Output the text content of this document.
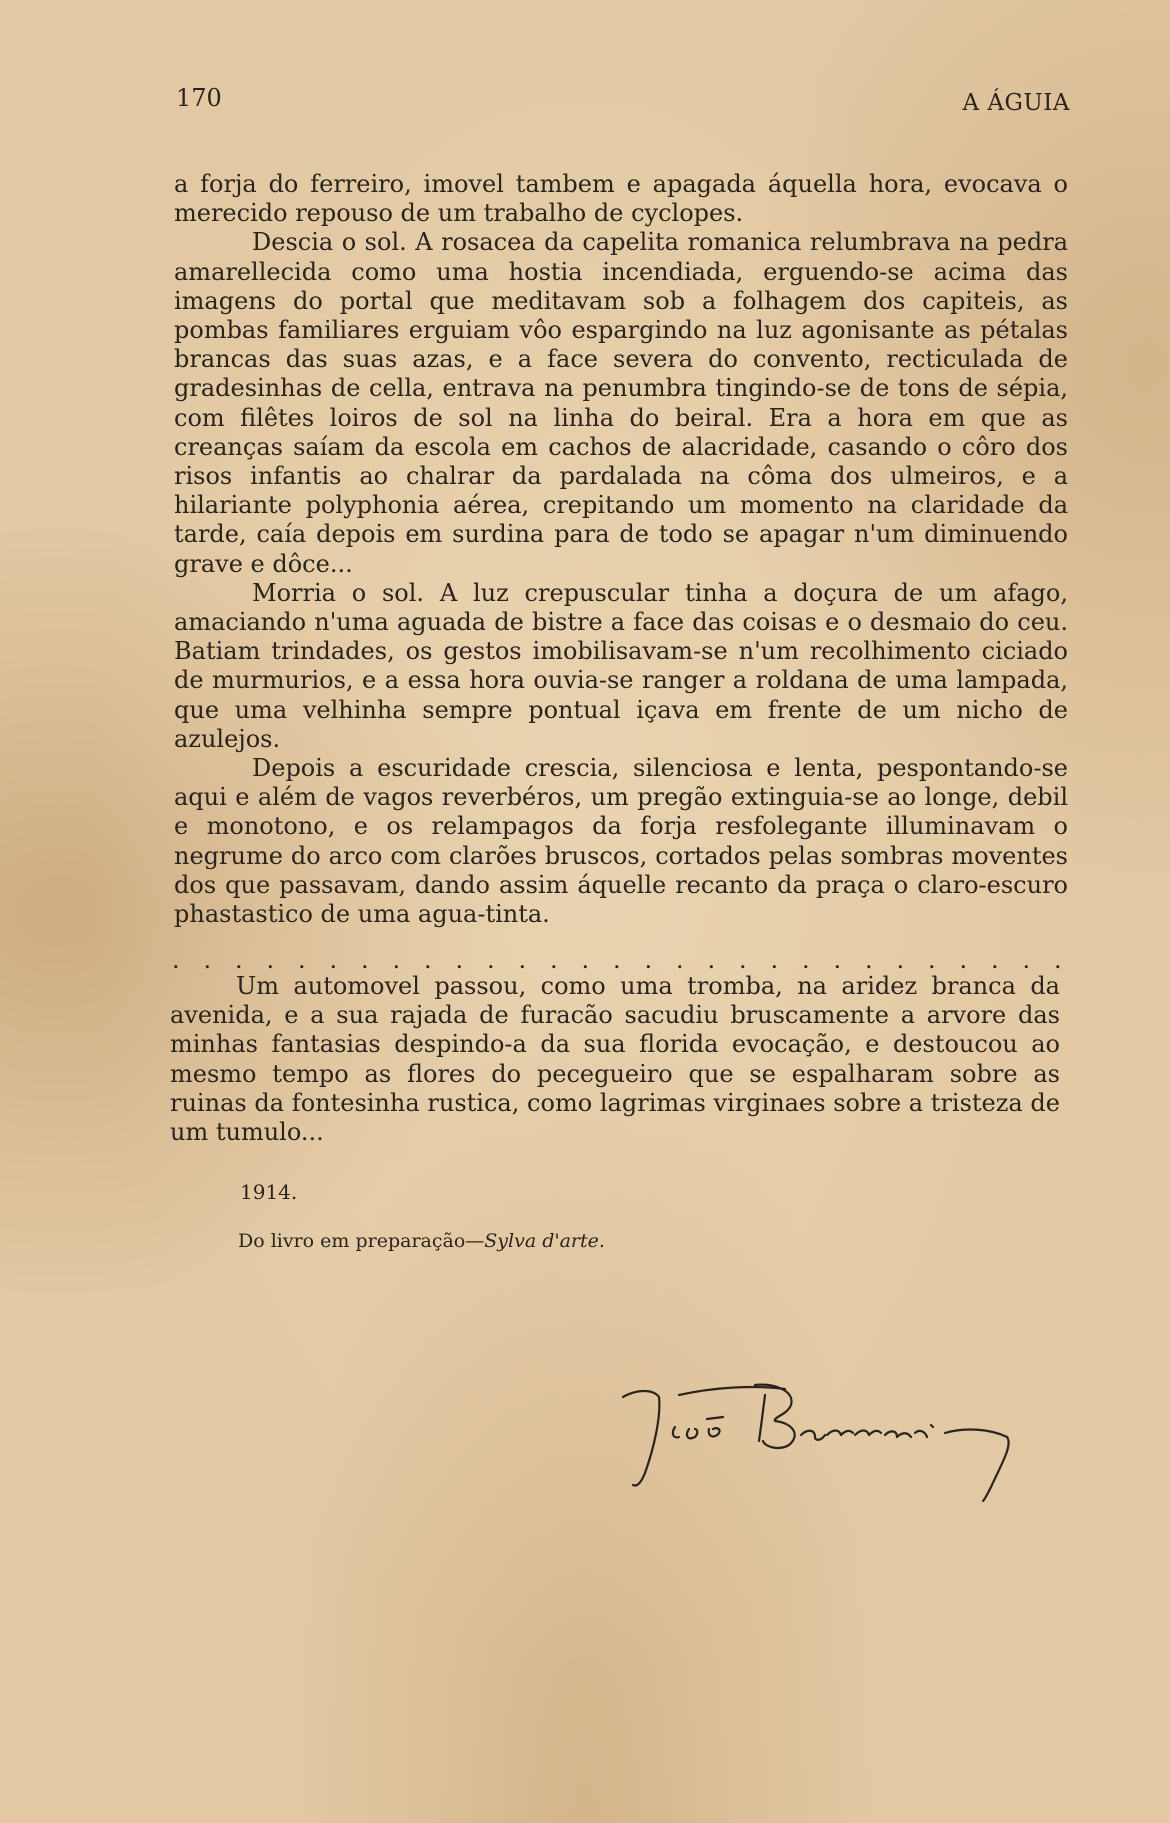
170	A ÁGUIA

a forja do ferreiro, imovel tambem e apagada áquella hora, evocava o merecido repouso de um trabalho de cyclopes.

Descia o sol. A rosacea da capelita romanica relumbrava na pedra amarellecida como uma hostia incendiada, erguendo-se acima das imagens do portal que meditavam sob a folhagem dos capiteis, as pombas familiares erguiam vôo espargindo na luz agonisante as pétalas brancas das suas azas, e a face severa do convento, recticulada de gradesinhas de cella, entrava na penumbra tingindo-se de tons de sépia, com filêtes loiros de sol na linha do beiral. Era a hora em que as creanças saíam da escola em cachos de alacridade, casando o côro dos risos infantis ao chalrar da pardalada na côma dos ulmeiros, e a hilariante polyphonia aérea, crepitando um momento na claridade da tarde, caía depois em surdina para de todo se apagar n'um diminuendo grave e dôce...

Morria o sol. A luz crepuscular tinha a doçura de um afago, amaciando n'uma aguada de bistre a face das coisas e o desmaio do ceu. Batiam trindades, os gestos imobilisavam-se n'um recolhimento ciciado de murmurios, e a essa hora ouvia-se ranger a roldana de uma lampada, que uma velhinha sempre pontual içava em frente de um nicho de azulejos.

Depois a escuridade crescia, silenciosa e lenta, pespontando-se aqui e além de vagos reverbéros, um pregão extinguia-se ao longe, debil e monotono, e os relampagos da forja resfolegante illuminavam o negrume do arco com clarões bruscos, cortados pelas sombras moventes dos que passavam, dando assim áquelle recanto da praça o claro-escuro phastastico de uma agua-tinta.

. . . . . . . . . . . . . . . . . . . . . . . . . . . . .

Um automovel passou, como uma tromba, na aridez branca da avenida, e a sua rajada de furacão sacudiu bruscamente a arvore das minhas fantasias despindo-a da sua florida evocação, e destoucou ao mesmo tempo as flores do pecegueiro que se espalharam sobre as ruinas da fontesinha rustica, como lagrimas virginaes sobre a tristeza de um tumulo...

1914.
Do livro em preparação—Sylva d'arte.
